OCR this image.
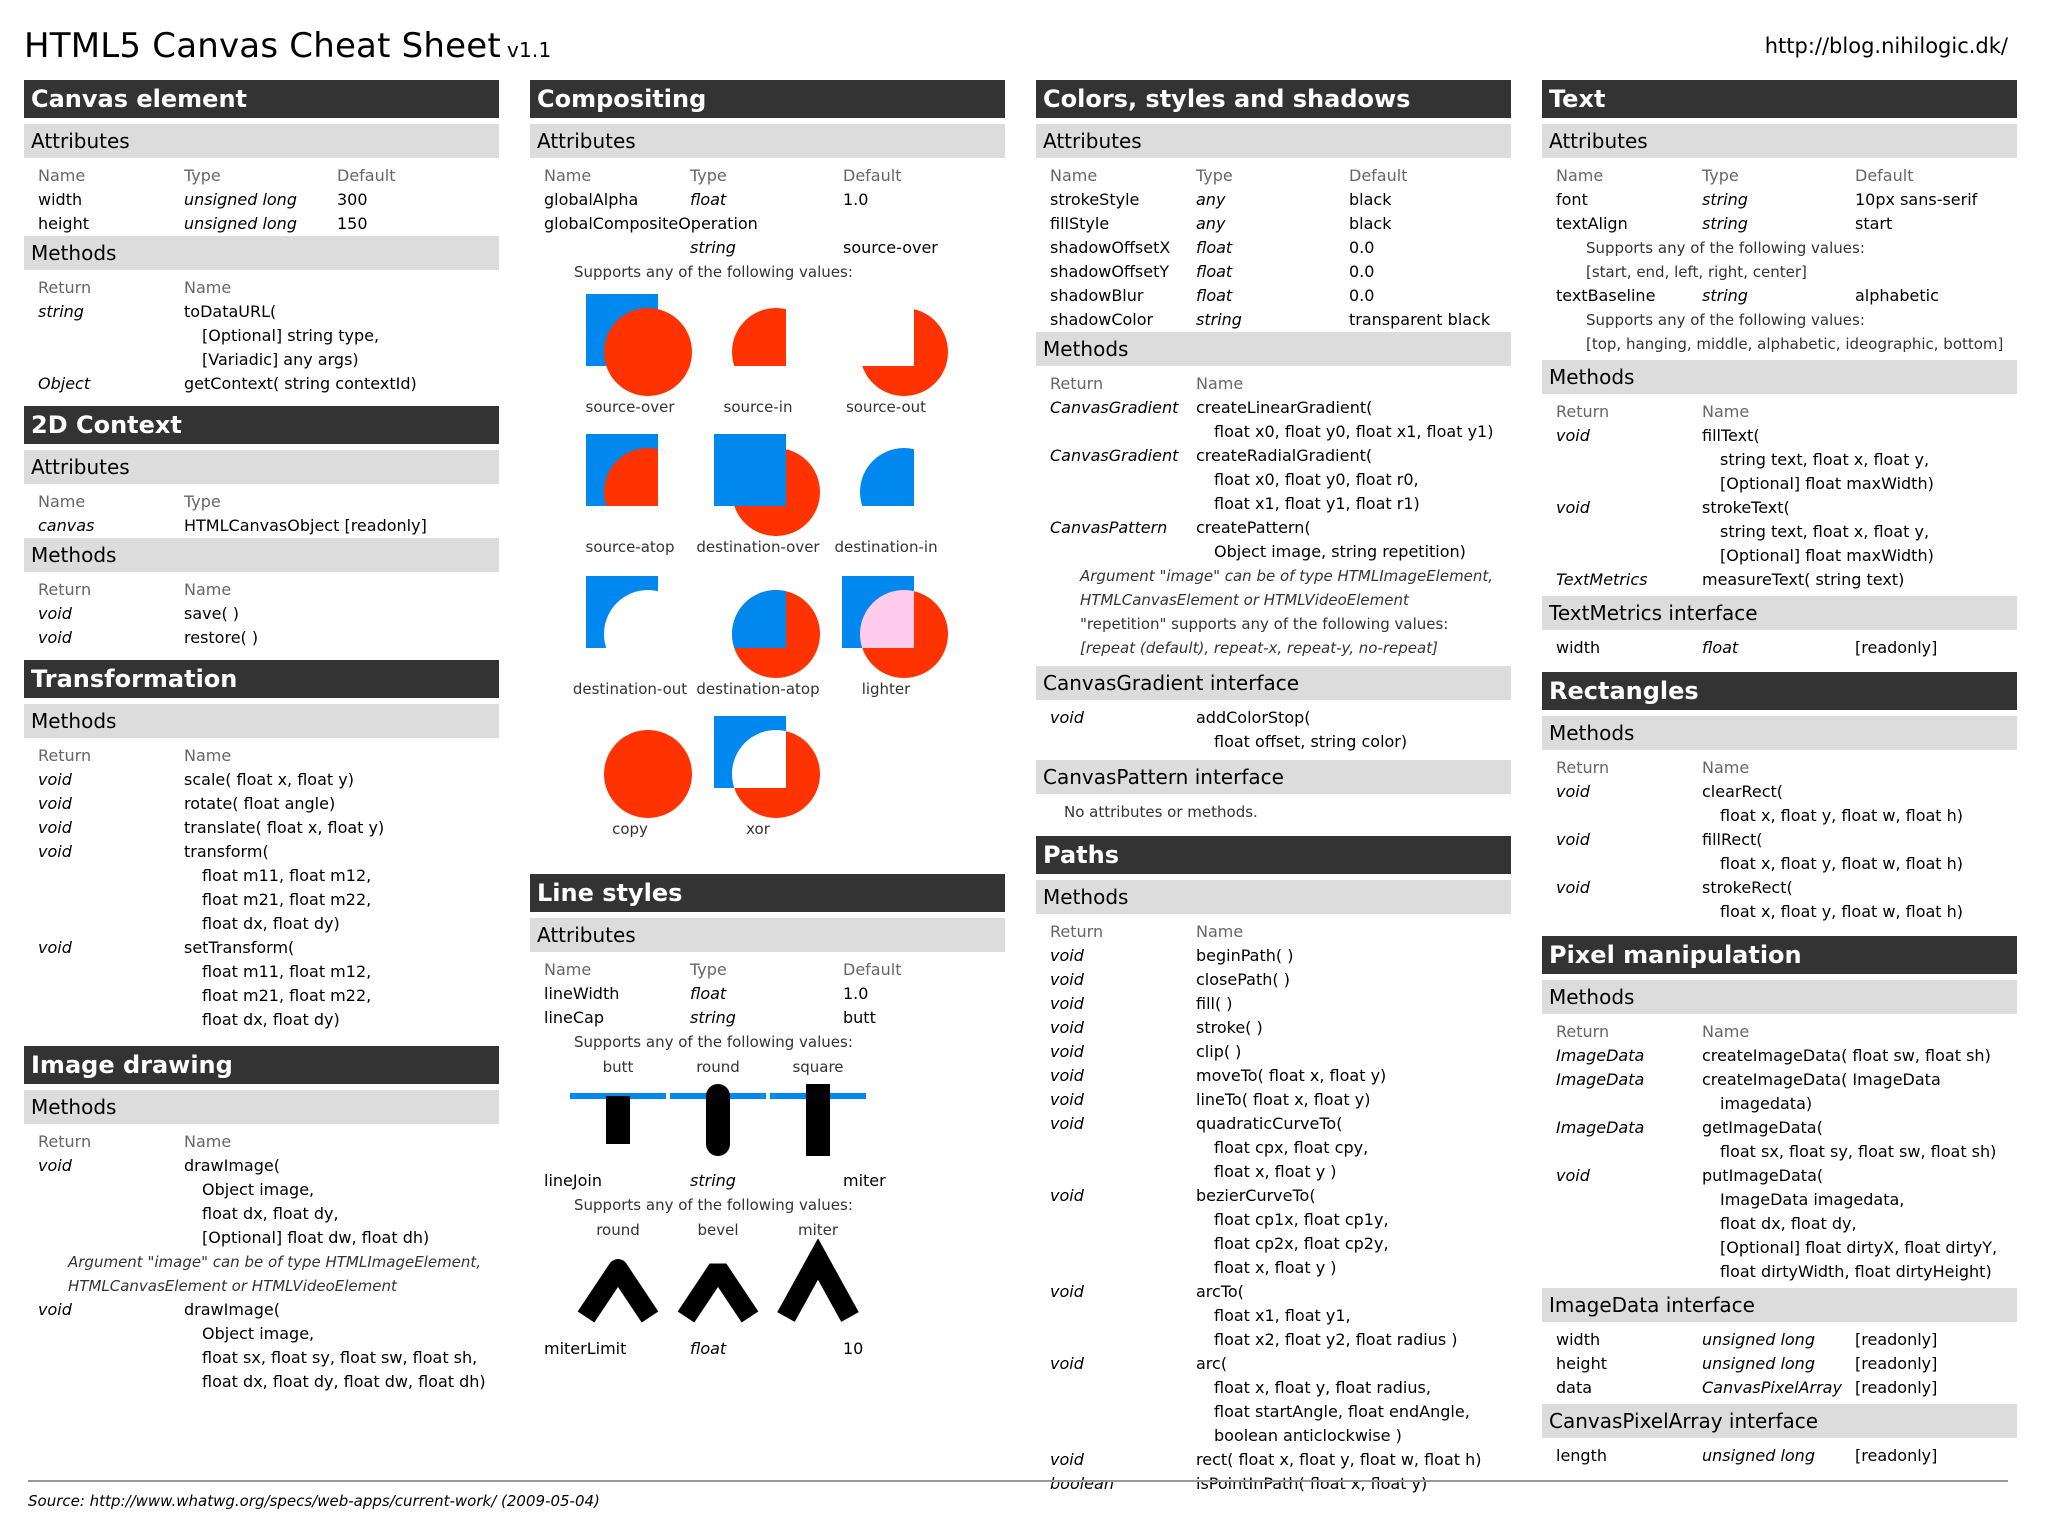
HTML5 Canvas Cheat Sheet v1.1	http://blog.nihilogic.dk/
Canvas element
Attributes
Name	Type	Default
width	unsigned long	300
height	unsigned long	150
Methods
Return	Name
string	toDataURL(
[Optional] string type,
[Variadic] any args)
Object	getContext( string contextId)
2D Context
Attributes
Name	Type
canvas	HTMLCanvasObject [readonly]
Methods
Return	Name
void	save( )
void	restore( )
Transformation
Methods
Return	Name
void	scale( float x, float y)
void	rotate( float angle)
void	translate( float x, float y)
void	transform(
float m11, float m12,
float m21, float m22,
float dx, float dy)
void	setTransform(
float m11, float m12,
float m21, float m22,
float dx, float dy)
Image drawing
Methods
Return	Name
void	drawImage(
Object image,
float dx, float dy,
[Optional] float dw, float dh)
Argument "image" can be of type HTMLImageElement,
HTMLCanvasElement or HTMLVideoElement
void	drawImage(
Object image,
float sx, float sy, float sw, float sh,
float dx, float dy, float dw, float dh)
Compositing
Attributes
Name	Type	Default
globalAlpha	float	1.0
globalCompositeOperation
string	source-over
Supports any of the following values:
source-over	source-in	source-out
source-atop destination-over destination-in
destination-out destination-atop	lighter
copy	xor
Line styles
Attributes
Name	Type	Default
lineWidth	float	1.0
lineCap	string	butt
Supports any of the following values:
butt	round	square
lineJoin	string	miter
Supports any of the following values:
round	bevel	miter
miterLimit	float	10
Colors, styles and shadows
Attributes
Name	Type	Default
strokeStyle	any	black
fillStyle	any	black
shadowOffsetX float	0.0
shadowOffsetY float	0.0
shadowBlur	float	0.0
shadowColor	string	transparent black
Methods
Return	Name
CanvasGradient createLinearGradient(
float x0, float y0, float x1, float y1)
CanvasGradient createRadialGradient(
float x0, float y0, float r0,
float x1, float y1, float r1)
CanvasPattern createPattern(
Object image, string repetition)
Argument "image" can be of type HTMLImageElement,
HTMLCanvasElement or HTMLVideoElement
"repetition" supports any of the following values:
[repeat (default), repeat-x, repeat-y, no-repeat]
CanvasGradient interface
void	addColorStop(
float offset, string color)
CanvasPattern interface
No attributes or methods.
Paths
Methods
Return	Name
void	beginPath( )
void	closePath( )
void	fill( )
void	stroke( )
void	clip( )
void	moveTo( float x, float y)
void	lineTo( float x, float y)
void	quadraticCurveTo(
float cpx, float cpy,
float x, float y )
void	bezierCurveTo(
float cp1x, float cp1y,
float cp2x, float cp2y,
float x, float y )
void	arcTo(
float x1, float y1,
float x2, float y2, float radius )
void	arc(
float x, float y, float radius,
float startAngle, float endAngle,
boolean anticlockwise )
void	rect( float x, float y, float w, float h)
boolean	isPointInPath( float x, float y)
Text
Attributes
Name	Type	Default
font	string	10px sans-serif
textAlign	string	start
Supports any of the following values:
[start, end, left, right, center]
textBaseline	string	alphabetic
Supports any of the following values:
[top, hanging, middle, alphabetic, ideographic, bottom]
Methods
Return	Name
void	fillText(
string text, float x, float y,
[Optional] float maxWidth)
void	strokeText(
string text, float x, float y,
[Optional] float maxWidth)
TextMetrics	measureText( string text)
TextMetrics interface
width	float	[readonly]
Rectangles
Methods
Return	Name
void	clearRect(
float x, float y, float w, float h)
void	fillRect(
float x, float y, float w, float h)
void	strokeRect(
float x, float y, float w, float h)
Pixel manipulation
Methods
Return	Name
ImageData	createImageData( float sw, float sh)
ImageData	createImageData( ImageData
imagedata)
ImageData	getImageData(
float sx, float sy, float sw, float sh)
void	putImageData(
ImageData imagedata,
float dx, float dy,
[Optional] float dirtyX, float dirtyY,
float dirtyWidth, float dirtyHeight)
ImageData interface
width	unsigned long	[readonly]
height	unsigned long	[readonly]
data	CanvasPixelArray [readonly]
CanvasPixelArray interface
length	unsigned long	[readonly]
Source: http://www.whatwg.org/specs/web-apps/current-work/ (2009-05-04)
